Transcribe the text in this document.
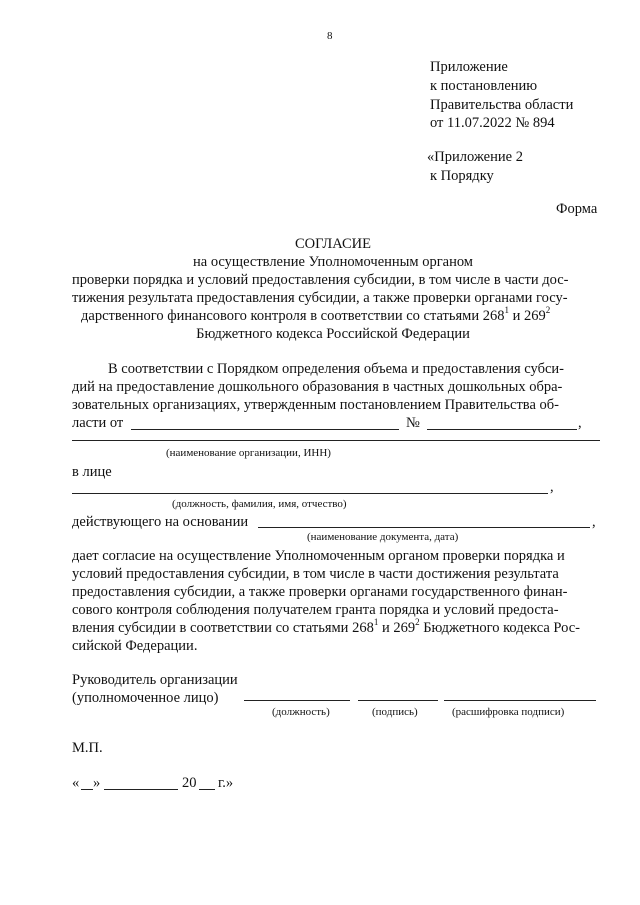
8
Приложение
к постановлению
Правительства области
от 11.07.2022 № 894
«Приложение 2
к Порядку
Форма
СОГЛАСИЕ
на осуществление Уполномоченным органом
проверки порядка и условий предоставления субсидии, в том числе в части дос-
тижения результата предоставления субсидии, а также проверки органами госу-
дарственного финансового контроля в соответствии со статьями $268^1$ и $269^2$
Бюджетного кодекса Российской Федерации
В соответствии с Порядком определения объема и предоставления субси-
дий на предоставление дошкольного образования в частных дошкольных обра-
зовательных организациях, утвержденным постановлением Правительства об-
ласти от	№	,
(наименование организации, ИНН)
в лице
,
(должность, фамилия, имя, отчество)
действующего на основании	,
(наименование документа, дата)
дает согласие на осуществление Уполномоченным органом проверки порядка и
условий предоставления субсидии, в том числе в части достижения результата
предоставления субсидии, а также проверки органами государственного финан-
сового контроля соблюдения получателем гранта порядка и условий предоста-
вления субсидии в соответствии со статьями $268^1$ и $269^2$ Бюджетного кодекса Рос-
сийской Федерации.
Руководитель организации
(уполномоченное лицо)
(должность)	(подпись)	(расшифровка подписи)
М.П.
« »	20 г.»
